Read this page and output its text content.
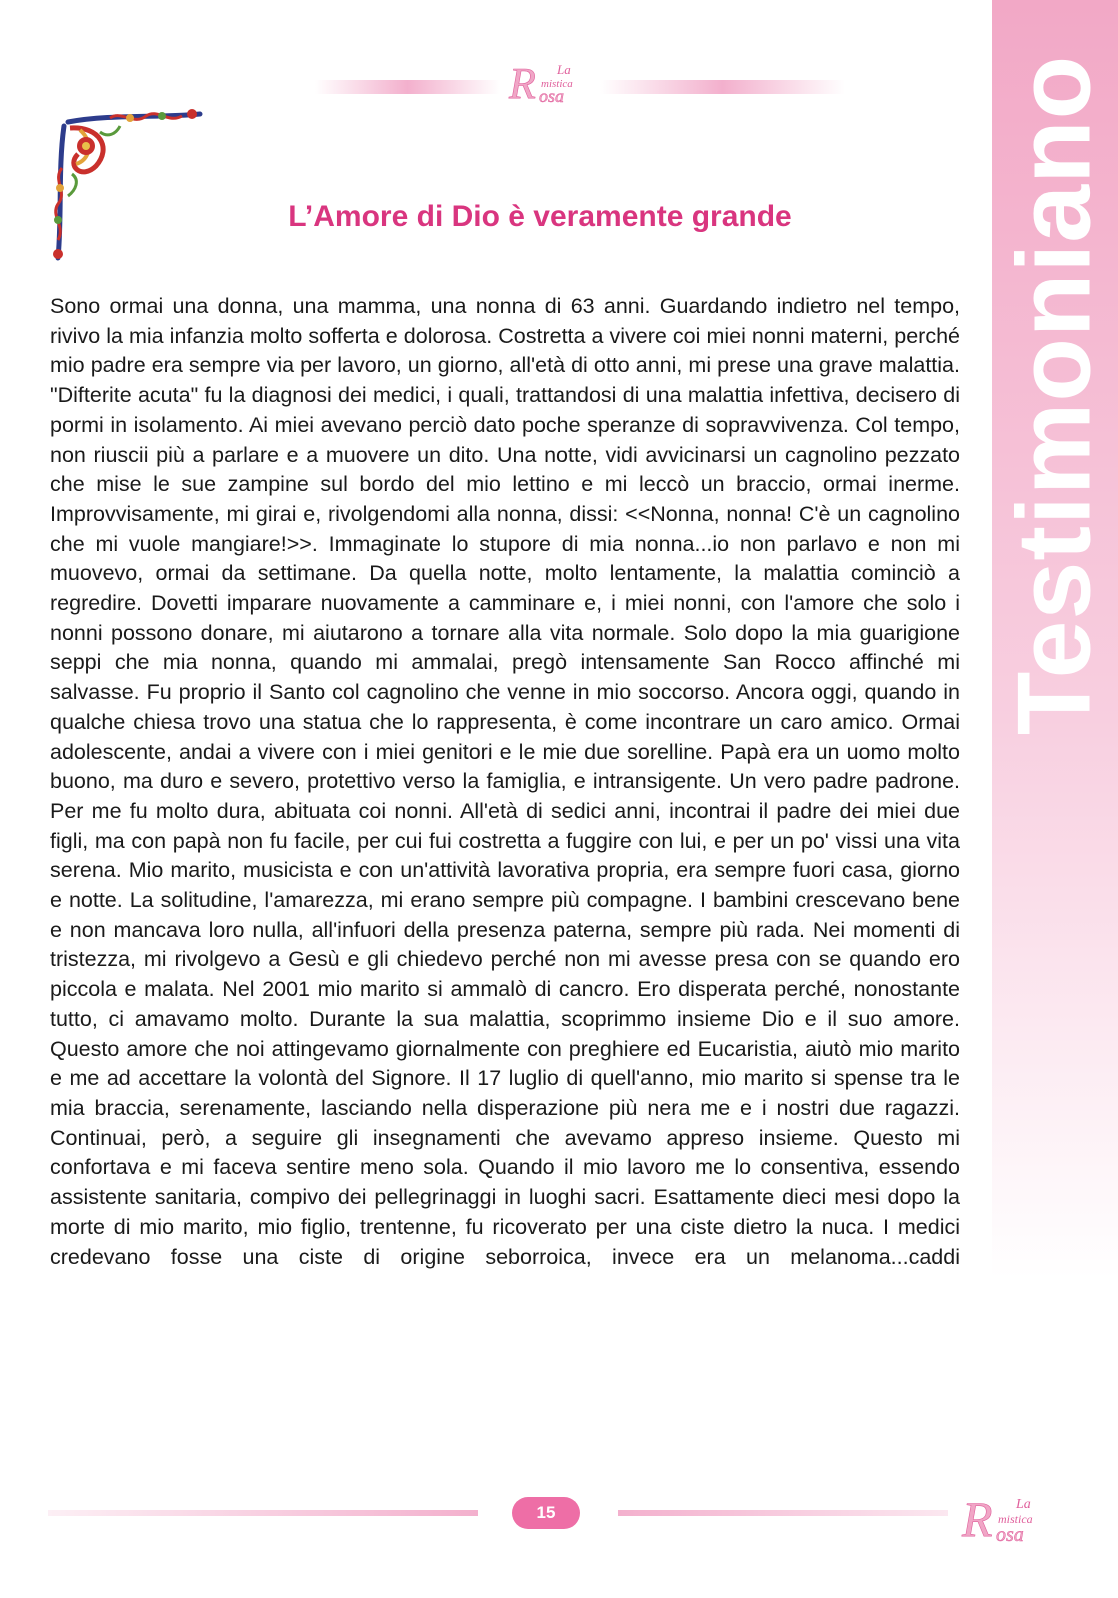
Testimoniano
R La
mistica
osa
L’Amore di Dio è veramente grande

Sono ormai una donna, una mamma, una nonna di 63 anni. Guardando indietro nel tempo, rivivo la mia infanzia molto sofferta e dolorosa. Costretta a vivere coi miei nonni materni, perché mio padre era sempre via per lavoro, un giorno, all'età di otto anni, mi prese una grave malattia. "Difterite acuta" fu la diagnosi dei medici, i quali, trattandosi di una malattia infettiva, decisero di pormi in isolamento. Ai miei avevano perciò dato poche speranze di sopravvivenza. Col tempo, non riuscii più a parlare e a muovere un dito. Una notte, vidi avvicinarsi un cagnolino pezzato che mise le sue zampine sul bordo del mio lettino e mi leccò un braccio, ormai inerme. Improvvisamente, mi girai e, rivolgendomi alla nonna, dissi: <<Nonna, nonna! C'è un cagnolino che mi vuole mangiare!>>. Immaginate lo stupore di mia nonna...io non parlavo e non mi muovevo, ormai da settimane. Da quella notte, molto lentamente, la malattia cominciò a regredire. Dovetti imparare nuovamente a camminare e, i miei nonni, con l'amore che solo i nonni possono donare, mi aiutarono a tornare alla vita normale. Solo dopo la mia guarigione seppi che mia nonna, quando mi ammalai, pregò intensamente San Rocco affinché mi salvasse. Fu proprio il Santo col cagnolino che venne in mio soccorso. Ancora oggi, quando in qualche chiesa trovo una statua che lo rappresenta, è come incontrare un caro amico. Ormai adolescente, andai a vivere con i miei genitori e le mie due sorelline. Papà era un uomo molto buono, ma duro e severo, protettivo verso la famiglia, e intransigente. Un vero padre padrone. Per me fu molto dura, abituata coi nonni. All'età di sedici anni, incontrai il padre dei miei due figli, ma con papà non fu facile, per cui fui costretta a fuggire con lui, e per un po' vissi una vita serena. Mio marito, musicista e con un'attività lavorativa propria, era sempre fuori casa, giorno e notte. La solitudine, l'amarezza, mi erano sempre più compagne. I bambini crescevano bene e non mancava loro nulla, all'infuori della presenza paterna, sempre più rada. Nei momenti di tristezza, mi rivolgevo a Gesù e gli chiedevo perché non mi avesse presa con se quando ero piccola e malata. Nel 2001 mio marito si ammalò di cancro. Ero disperata perché, nonostante tutto, ci amavamo molto. Durante la sua malattia, scoprimmo insieme Dio e il suo amore. Questo amore che noi attingevamo giornalmente con preghiere ed Eucaristia, aiutò mio marito e me ad accettare la volontà del Signore. Il 17 luglio di quell'anno, mio marito si spense tra le mia braccia, serenamente, lasciando nella disperazione più nera me e i nostri due ragazzi. Continuai, però, a seguire gli insegnamenti che avevamo appreso insieme. Questo mi confortava e mi faceva sentire meno sola. Quando il mio lavoro me lo consentiva, essendo assistente sanitaria, compivo dei pellegrinaggi in luoghi sacri. Esattamente dieci mesi dopo la morte di mio marito, mio figlio, trentenne, fu ricoverato per una ciste dietro la nuca. I medici credevano fosse una ciste di origine seborroica, invece era un melanoma...caddi

15	R La
mistica
osa
